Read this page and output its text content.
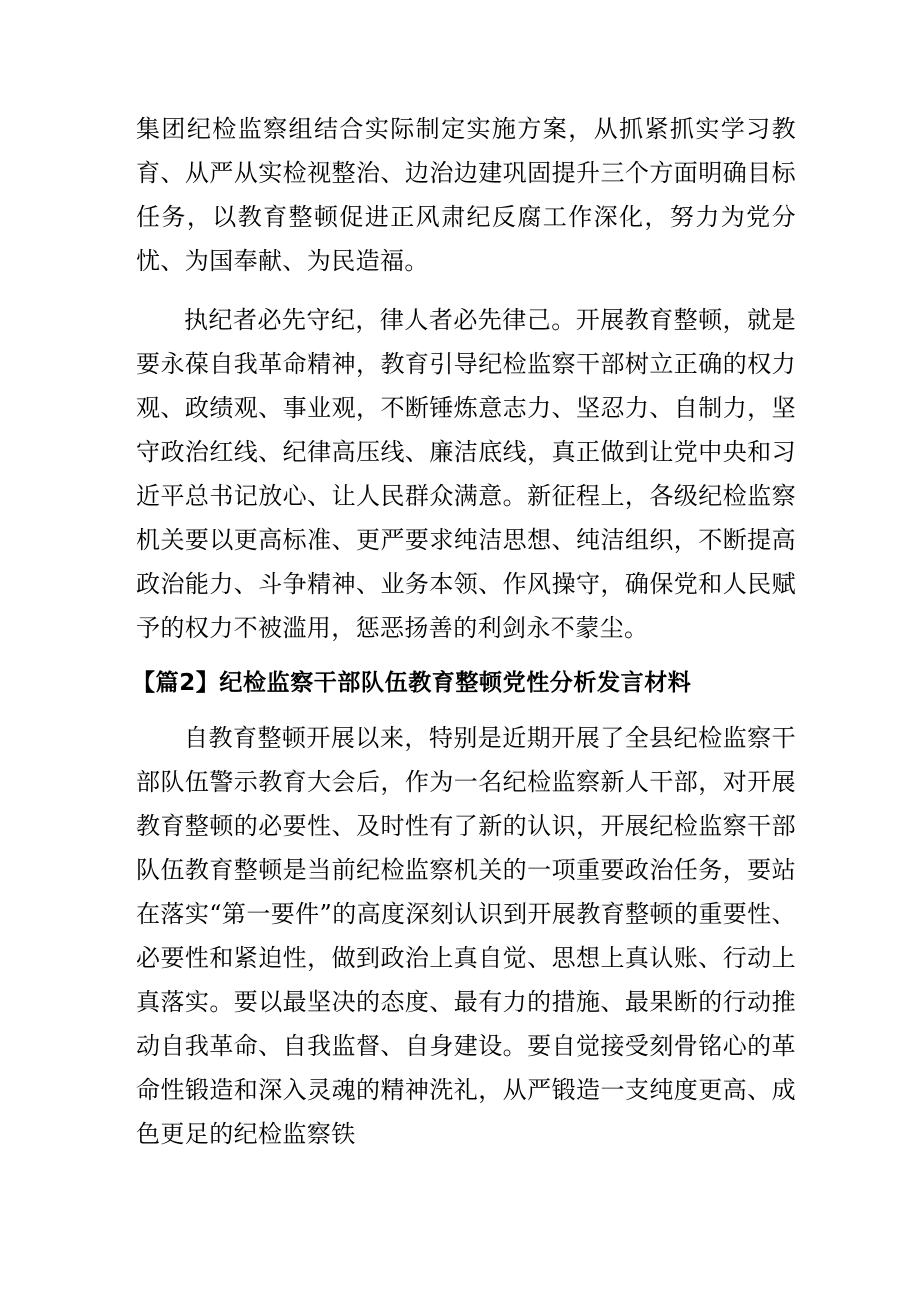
集团纪检监察组结合实际制定实施方案，从抓紧抓实学习教育、从严从实检视整治、边治边建巩固提升三个方面明确目标任务，以教育整顿促进正风肃纪反腐工作深化，努力为党分忧、为国奉献、为民造福。

执纪者必先守纪，律人者必先律己。开展教育整顿，就是要永葆自我革命精神，教育引导纪检监察干部树立正确的权力观、政绩观、事业观，不断锤炼意志力、坚忍力、自制力，坚守政治红线、纪律高压线、廉洁底线，真正做到让党中央和习近平总书记放心、让人民群众满意。新征程上，各级纪检监察机关要以更高标准、更严要求纯洁思想、纯洁组织，不断提高政治能力、斗争精神、业务本领、作风操守，确保党和人民赋予的权力不被滥用，惩恶扬善的利剑永不蒙尘。

【篇2】纪检监察干部队伍教育整顿党性分析发言材料

自教育整顿开展以来，特别是近期开展了全县纪检监察干部队伍警示教育大会后，作为一名纪检监察新人干部，对开展教育整顿的必要性、及时性有了新的认识，开展纪检监察干部队伍教育整顿是当前纪检监察机关的一项重要政治任务，要站在落实“第一要件”的高度深刻认识到开展教育整顿的重要性、必要性和紧迫性，做到政治上真自觉、思想上真认账、行动上真落实。要以最坚决的态度、最有力的措施、最果断的行动推动自我革命、自我监督、自身建设。要自觉接受刻骨铭心的革命性锻造和深入灵魂的精神洗礼，从严锻造一支纯度更高、成色更足的纪检监察铁
